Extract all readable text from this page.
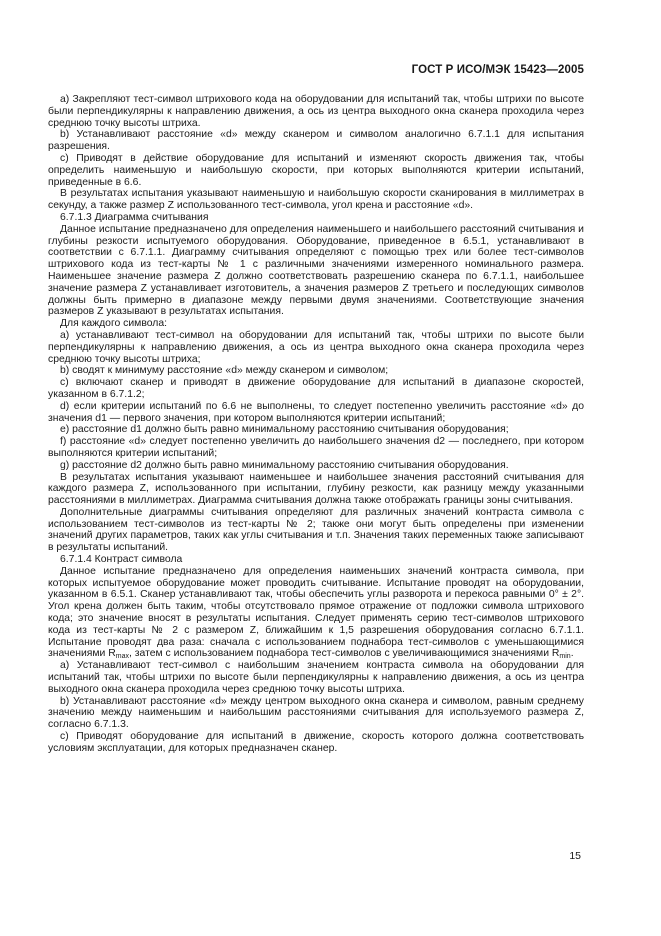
ГОСТ Р ИСО/МЭК 15423—2005

а) Закрепляют тест-символ штрихового кода на оборудовании для испытаний так, чтобы штрихи по высоте были перпендикулярны к направлению движения, а ось из центра выходного окна сканера проходила через среднюю точку высоты штриха.

b) Устанавливают расстояние «d» между сканером и символом аналогично 6.7.1.1 для испытания разрешения.

c) Приводят в действие оборудование для испытаний и изменяют скорость движения так, чтобы определить наименьшую и наибольшую скорости, при которых выполняются критерии испытаний, приведенные в 6.6.

В результатах испытания указывают наименьшую и наибольшую скорости сканирования в миллиметрах в секунду, а также размер Z использованного тест-символа, угол крена и расстояние «d».

6.7.1.3 Диаграмма считывания

Данное испытание предназначено для определения наименьшего и наибольшего расстояний считывания и глубины резкости испытуемого оборудования. Оборудование, приведенное в 6.5.1, устанавливают в соответствии с 6.7.1.1. Диаграмму считывания определяют с помощью трех или более тест-символов штрихового кода из тест-карты № 1 с различными значениями измеренного номинального размера. Наименьшее значение размера Z должно соответствовать разрешению сканера по 6.7.1.1, наибольшее значение размера Z устанавливает изготовитель, а значения размеров Z третьего и последующих символов должны быть примерно в диапазоне между первыми двумя значениями. Соответствующие значения размеров Z указывают в результатах испытания.

Для каждого символа:

a) устанавливают тест-символ на оборудовании для испытаний так, чтобы штрихи по высоте были перпендикулярны к направлению движения, а ось из центра выходного окна сканера проходила через среднюю точку высоты штриха;

b) сводят к минимуму расстояние «d» между сканером и символом;

c) включают сканер и приводят в движение оборудование для испытаний в диапазоне скоростей, указанном в 6.7.1.2;

d) если критерии испытаний по 6.6 не выполнены, то следует постепенно увеличить расстояние «d» до значения d1 — первого значения, при котором выполняются критерии испытаний;

e) расстояние d1 должно быть равно минимальному расстоянию считывания оборудования;

f) расстояние «d» следует постепенно увеличить до наибольшего значения d2 — последнего, при котором выполняются критерии испытаний;

g) расстояние d2 должно быть равно минимальному расстоянию считывания оборудования.

В результатах испытания указывают наименьшее и наибольшее значения расстояний считывания для каждого размера Z, использованного при испытании, глубину резкости, как разницу между указанными расстояниями в миллиметрах. Диаграмма считывания должна также отображать границы зоны считывания.

Дополнительные диаграммы считывания определяют для различных значений контраста символа с использованием тест-символов из тест-карты № 2; также они могут быть определены при изменении значений других параметров, таких как углы считывания и т.п. Значения таких переменных также записывают в результаты испытаний.

6.7.1.4 Контраст символа

Данное испытание предназначено для определения наименьших значений контраста символа, при которых испытуемое оборудование может проводить считывание. Испытание проводят на оборудовании, указанном в 6.5.1. Сканер устанавливают так, чтобы обеспечить углы разворота и перекоса равными 0° ± 2°. Угол крена должен быть таким, чтобы отсутствовало прямое отражение от подложки символа штрихового кода; это значение вносят в результаты испытания. Следует применять серию тест-символов штрихового кода из тест-карты № 2 с размером Z, ближайшим к 1,5 разрешения оборудования согласно 6.7.1.1. Испытание проводят два раза: сначала с использованием поднабора тест-символов с уменьшающимися значениями $R_{max}$, затем с использованием поднабора тест-символов с увеличивающимися значениями $R_{min}$.

a) Устанавливают тест-символ с наибольшим значением контраста символа на оборудовании для испытаний так, чтобы штрихи по высоте были перпендикулярны к направлению движения, а ось из центра выходного окна сканера проходила через среднюю точку высоты штриха.

b) Устанавливают расстояние «d» между центром выходного окна сканера и символом, равным среднему значению между наименьшим и наибольшим расстояниями считывания для используемого размера Z, согласно 6.7.1.3.

c) Приводят оборудование для испытаний в движение, скорость которого должна соответствовать условиям эксплуатации, для которых предназначен сканер.

15
